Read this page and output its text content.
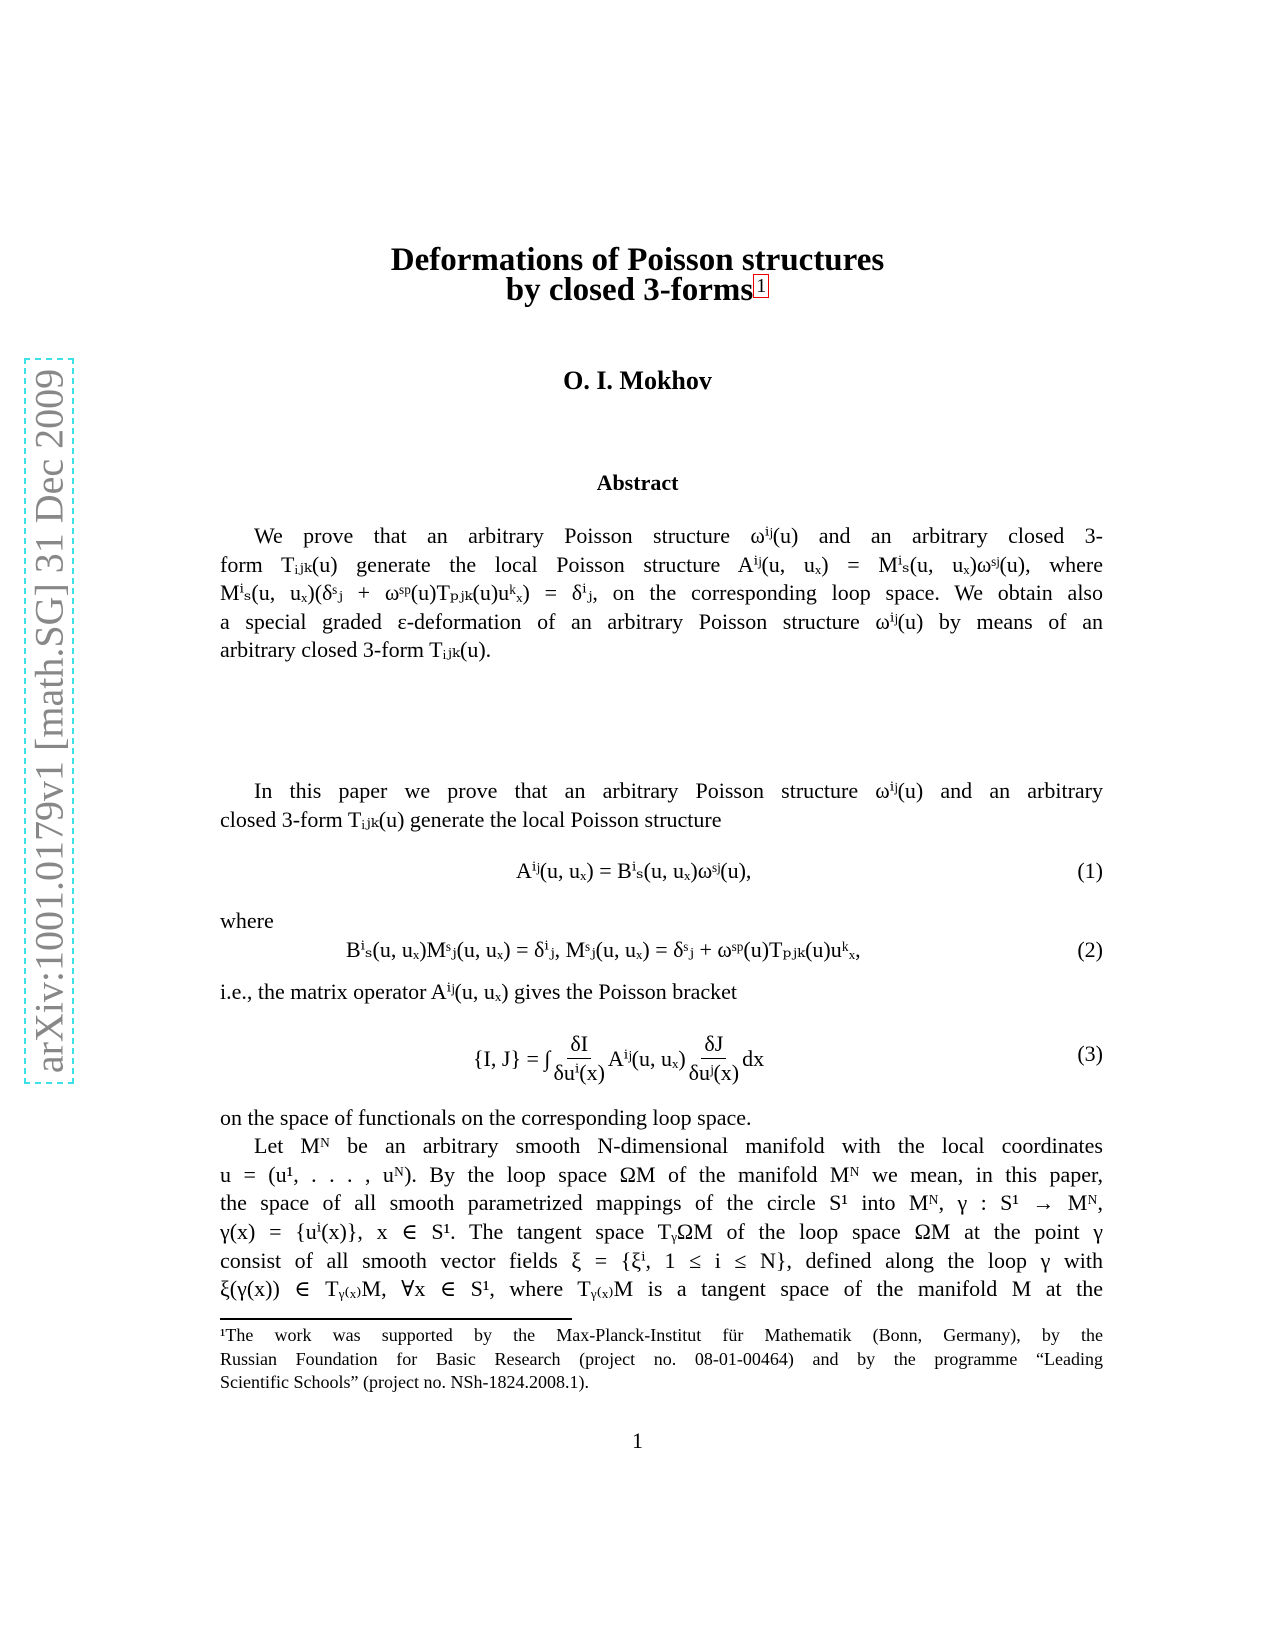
arXiv:1001.0179v1 [math.SG] 31 Dec 2009
Deformations of Poisson structures
by closed 3-forms 1
O. I. Mokhov
Abstract
We prove that an arbitrary Poisson structure ωⁱʲ(u) and an arbitrary closed 3-
form Tᵢⱼₖ(u) generate the local Poisson structure Aⁱʲ(u, uₓ) = Mⁱₛ(u, uₓ)ωˢʲ(u), where
Mⁱₛ(u, uₓ)(δˢⱼ + ωˢᵖ(u)Tₚⱼₖ(u)uᵏₓ) = δⁱⱼ, on the corresponding loop space. We obtain also
a special graded ε-deformation of an arbitrary Poisson structure ωⁱʲ(u) by means of an
arbitrary closed 3-form Tᵢⱼₖ(u).
In this paper we prove that an arbitrary Poisson structure ωⁱʲ(u) and an arbitrary
closed 3-form Tᵢⱼₖ(u) generate the local Poisson structure
Aⁱʲ(u, uₓ) = Bⁱₛ(u, uₓ)ωˢʲ(u),	(1)
where
Bⁱₛ(u, uₓ)Mˢⱼ(u, uₓ) = δⁱⱼ, Mˢⱼ(u, uₓ) = δˢⱼ + ωˢᵖ(u)Tₚⱼₖ(u)uᵏₓ,	(2)
i.e., the matrix operator Aⁱʲ(u, uₓ) gives the Poisson bracket
{I, J} = ∫
δI
δuⁱ(x)
Aⁱʲ(u, uₓ)
δJ
δuʲ(x)
dx	(3)
on the space of functionals on the corresponding loop space.
Let Mᴺ be an arbitrary smooth N-dimensional manifold with the local coordinates
u = (u¹, . . . , uᴺ). By the loop space ΩM of the manifold Mᴺ we mean, in this paper,
the space of all smooth parametrized mappings of the circle S¹ into Mᴺ, γ : S¹ → Mᴺ,
γ(x) = {uⁱ(x)}, x ∈ S¹. The tangent space TᵧΩM of the loop space ΩM at the point γ
consist of all smooth vector fields ξ = {ξⁱ, 1 ≤ i ≤ N}, defined along the loop γ with
ξ(γ(x)) ∈ Tᵧ₍ₓ₎M, ∀x ∈ S¹, where Tᵧ₍ₓ₎M is a tangent space of the manifold M at the
¹The work was supported by the Max-Planck-Institut für Mathematik (Bonn, Germany), by the
Russian Foundation for Basic Research (project no. 08-01-00464) and by the programme “Leading
Scientific Schools” (project no. NSh-1824.2008.1).
1
